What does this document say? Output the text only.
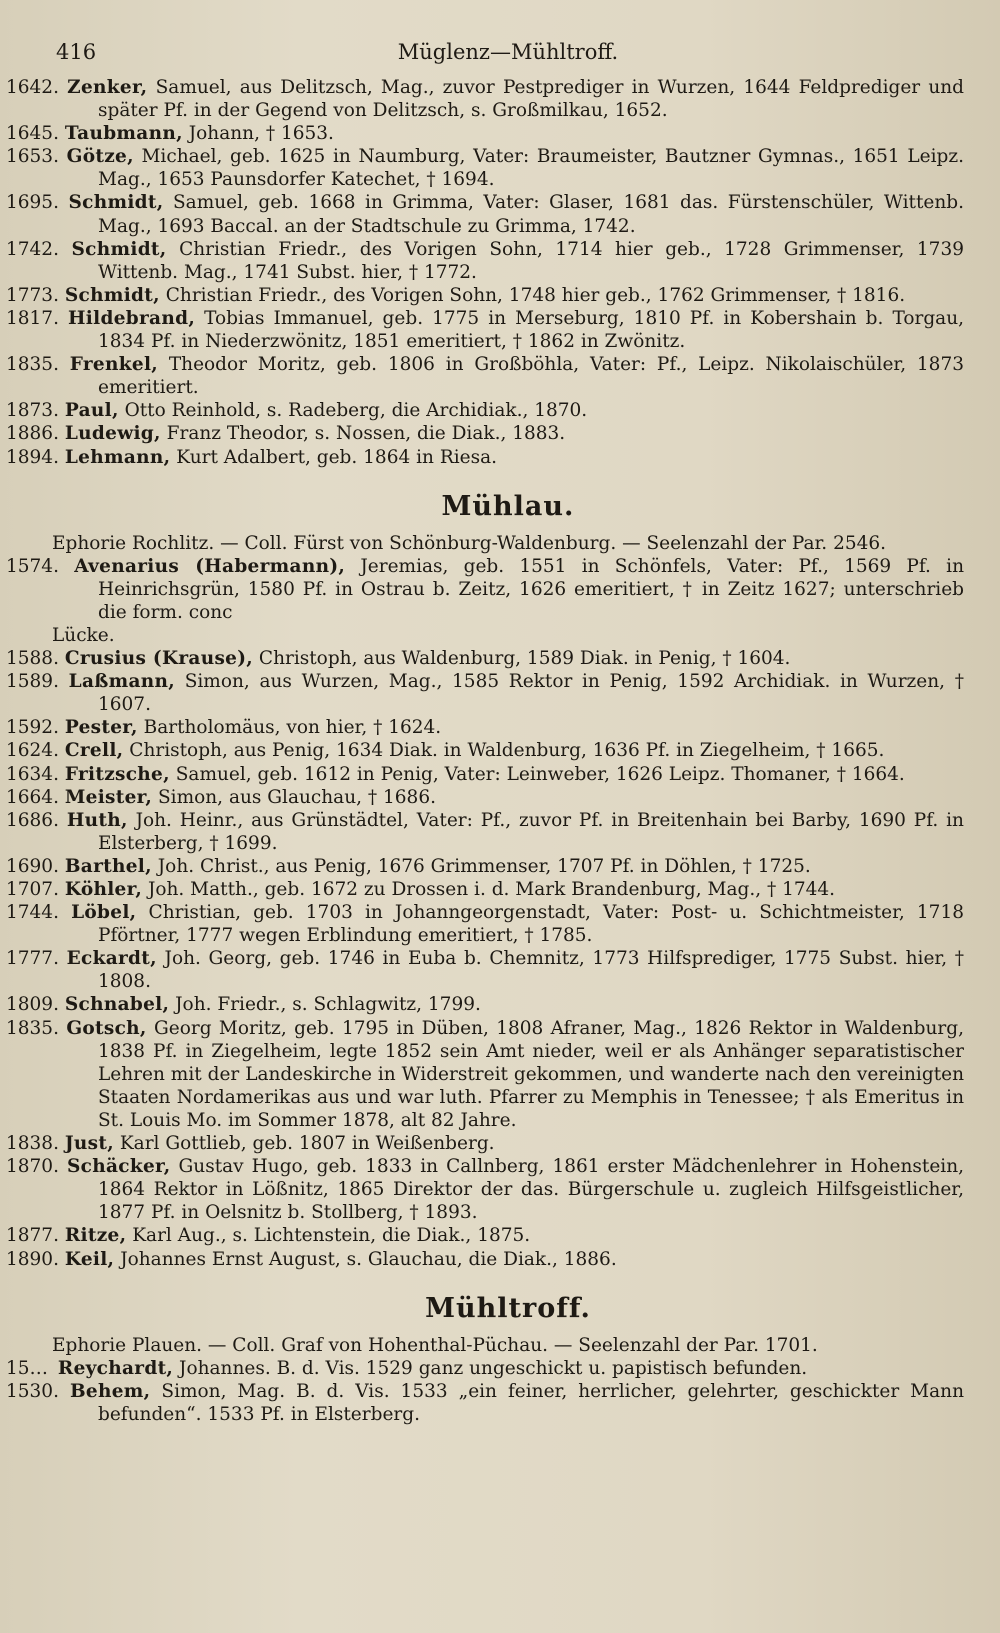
416	Müglenz—Mühltroff.

1642. Zenker, Samuel, aus Delitzsch, Mag., zuvor Pestprediger in Wurzen, 1644 Feldprediger und später Pf. in der Gegend von Delitzsch, s. Großmilkau, 1652.

1645. Taubmann, Johann, † 1653.

1653. Götze, Michael, geb. 1625 in Naumburg, Vater: Braumeister, Bautzner Gymnas., 1651 Leipz. Mag., 1653 Paunsdorfer Katechet, † 1694.

1695. Schmidt, Samuel, geb. 1668 in Grimma, Vater: Glaser, 1681 das. Fürstenschüler, Wittenb. Mag., 1693 Baccal. an der Stadtschule zu Grimma, 1742.

1742. Schmidt, Christian Friedr., des Vorigen Sohn, 1714 hier geb., 1728 Grimmenser, 1739 Wittenb. Mag., 1741 Subst. hier, † 1772.

1773. Schmidt, Christian Friedr., des Vorigen Sohn, 1748 hier geb., 1762 Grimmenser, † 1816.

1817. Hildebrand, Tobias Immanuel, geb. 1775 in Merseburg, 1810 Pf. in Kobershain b. Torgau, 1834 Pf. in Niederzwönitz, 1851 emeritiert, † 1862 in Zwönitz.

1835. Frenkel, Theodor Moritz, geb. 1806 in Großböhla, Vater: Pf., Leipz. Nikolaischüler, 1873 emeritiert.

1873. Paul, Otto Reinhold, s. Radeberg, die Archidiak., 1870.

1886. Ludewig, Franz Theodor, s. Nossen, die Diak., 1883.

1894. Lehmann, Kurt Adalbert, geb. 1864 in Riesa.

Mühlau.

Ephorie Rochlitz. — Coll. Fürst von Schönburg-Waldenburg. — Seelenzahl der Par. 2546.

1574. Avenarius (Habermann), Jeremias, geb. 1551 in Schönfels, Vater: Pf., 1569 Pf. in Heinrichsgrün, 1580 Pf. in Ostrau b. Zeitz, 1626 emeritiert, † in Zeitz 1627; unterschrieb die form. conc

Lücke.

1588. Crusius (Krause), Christoph, aus Waldenburg, 1589 Diak. in Penig, † 1604.

1589. Laßmann, Simon, aus Wurzen, Mag., 1585 Rektor in Penig, 1592 Archidiak. in Wurzen, † 1607.

1592. Pester, Bartholomäus, von hier, † 1624.

1624. Crell, Christoph, aus Penig, 1634 Diak. in Waldenburg, 1636 Pf. in Ziegelheim, † 1665.

1634. Fritzsche, Samuel, geb. 1612 in Penig, Vater: Leinweber, 1626 Leipz. Thomaner, † 1664.

1664. Meister, Simon, aus Glauchau, † 1686.

1686. Huth, Joh. Heinr., aus Grünstädtel, Vater: Pf., zuvor Pf. in Breitenhain bei Barby, 1690 Pf. in Elsterberg, † 1699.

1690. Barthel, Joh. Christ., aus Penig, 1676 Grimmenser, 1707 Pf. in Döhlen, † 1725.

1707. Köhler, Joh. Matth., geb. 1672 zu Drossen i. d. Mark Brandenburg, Mag., † 1744.

1744. Löbel, Christian, geb. 1703 in Johanngeorgenstadt, Vater: Post- u. Schichtmeister, 1718 Pförtner, 1777 wegen Erblindung emeritiert, † 1785.

1777. Eckardt, Joh. Georg, geb. 1746 in Euba b. Chemnitz, 1773 Hilfsprediger, 1775 Subst. hier, † 1808.

1809. Schnabel, Joh. Friedr., s. Schlagwitz, 1799.

1835. Gotsch, Georg Moritz, geb. 1795 in Düben, 1808 Afraner, Mag., 1826 Rektor in Waldenburg, 1838 Pf. in Ziegelheim, legte 1852 sein Amt nieder, weil er als Anhänger separatistischer Lehren mit der Landeskirche in Widerstreit gekommen, und wanderte nach den vereinigten Staaten Nordamerikas aus und war luth. Pfarrer zu Memphis in Tenessee; † als Emeritus in St. Louis Mo. im Sommer 1878, alt 82 Jahre.

1838. Just, Karl Gottlieb, geb. 1807 in Weißenberg.

1870. Schäcker, Gustav Hugo, geb. 1833 in Callnberg, 1861 erster Mädchenlehrer in Hohenstein, 1864 Rektor in Lößnitz, 1865 Direktor der das. Bürgerschule u. zugleich Hilfsgeistlicher, 1877 Pf. in Oelsnitz b. Stollberg, † 1893.

1877. Ritze, Karl Aug., s. Lichtenstein, die Diak., 1875.

1890. Keil, Johannes Ernst August, s. Glauchau, die Diak., 1886.

Mühltroff.

Ephorie Plauen. — Coll. Graf von Hohenthal-Püchau. — Seelenzahl der Par. 1701.

15… Reychardt, Johannes. B. d. Vis. 1529 ganz ungeschickt u. papistisch befunden.

1530. Behem, Simon, Mag. B. d. Vis. 1533 „ein feiner, herrlicher, gelehrter, geschickter Mann befunden“. 1533 Pf. in Elsterberg.
